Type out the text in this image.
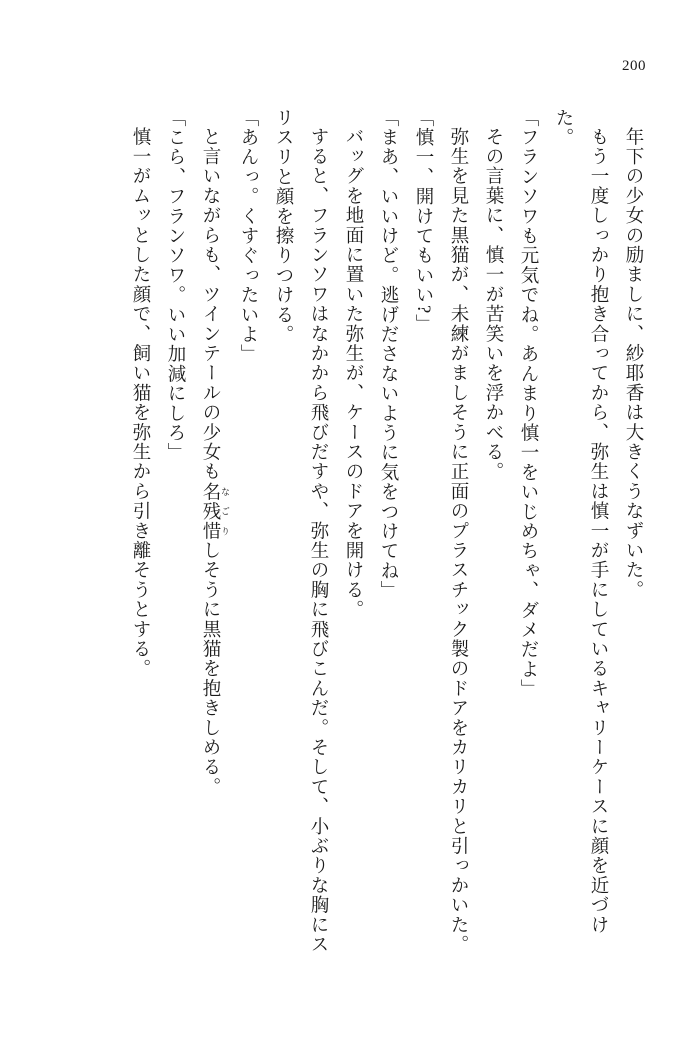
200

年下の少女の励ましに、紗耶香は大きくうなずいた。

もう一度しっかり抱き合ってから、弥生は慎一が手にしているキャリーケースに顔を近づけた。

「フランソワも元気でね。あんまり慎一をいじめちゃ、ダメだよ」

その言葉に、慎一が苦笑いを浮かべる。

弥生を見た黒猫が、未練がましそうに正面のプラスチック製のドアをカリカリと引っかいた。

「慎一、開けてもいい?」

「まあ、いいけど。逃げださないように気をつけてね」

バッグを地面に置いた弥生が、ケースのドアを開ける。

すると、フランソワはなかから飛びだすや、弥生の胸に飛びこんだ。そして、小ぶりな胸にスリスリと顔を擦りつける。

「あんっ。くすぐったいよ」

と言いながらも、ツインテールの少女も名残惜 なごりしそうに黒猫を抱きしめる。

「こら、フランソワ。いい加減にしろ」

慎一がムッとした顔で、飼い猫を弥生から引き離そうとする。
